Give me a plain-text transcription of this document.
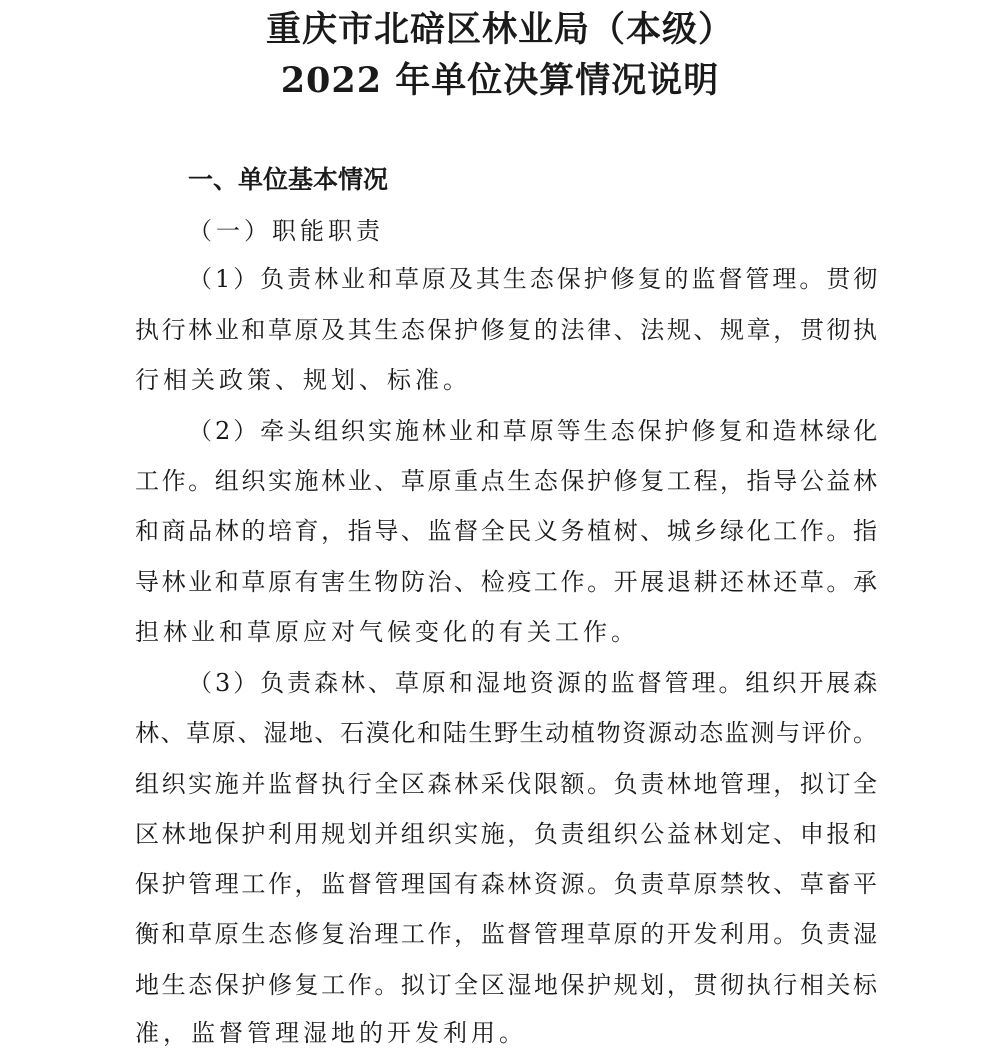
重庆市北碚区林业局（本级）
2022 年单位决算情况说明
一、单位基本情况
（一）职能职责
（1）负责林业和草原及其生态保护修复的监督管理。贯彻
执行林业和草原及其生态保护修复的法律、法规、规章，贯彻执
行相关政策、规划、标准。
（2）牵头组织实施林业和草原等生态保护修复和造林绿化
工作。组织实施林业、草原重点生态保护修复工程，指导公益林
和商品林的培育，指导、监督全民义务植树、城乡绿化工作。指
导林业和草原有害生物防治、检疫工作。开展退耕还林还草。承
担林业和草原应对气候变化的有关工作。
（3）负责森林、草原和湿地资源的监督管理。组织开展森
林、草原、湿地、石漠化和陆生野生动植物资源动态监测与评价。
组织实施并监督执行全区森林采伐限额。负责林地管理，拟订全
区林地保护利用规划并组织实施，负责组织公益林划定、申报和
保护管理工作，监督管理国有森林资源。负责草原禁牧、草畜平
衡和草原生态修复治理工作，监督管理草原的开发利用。负责湿
地生态保护修复工作。拟订全区湿地保护规划，贯彻执行相关标
准，监督管理湿地的开发利用。
